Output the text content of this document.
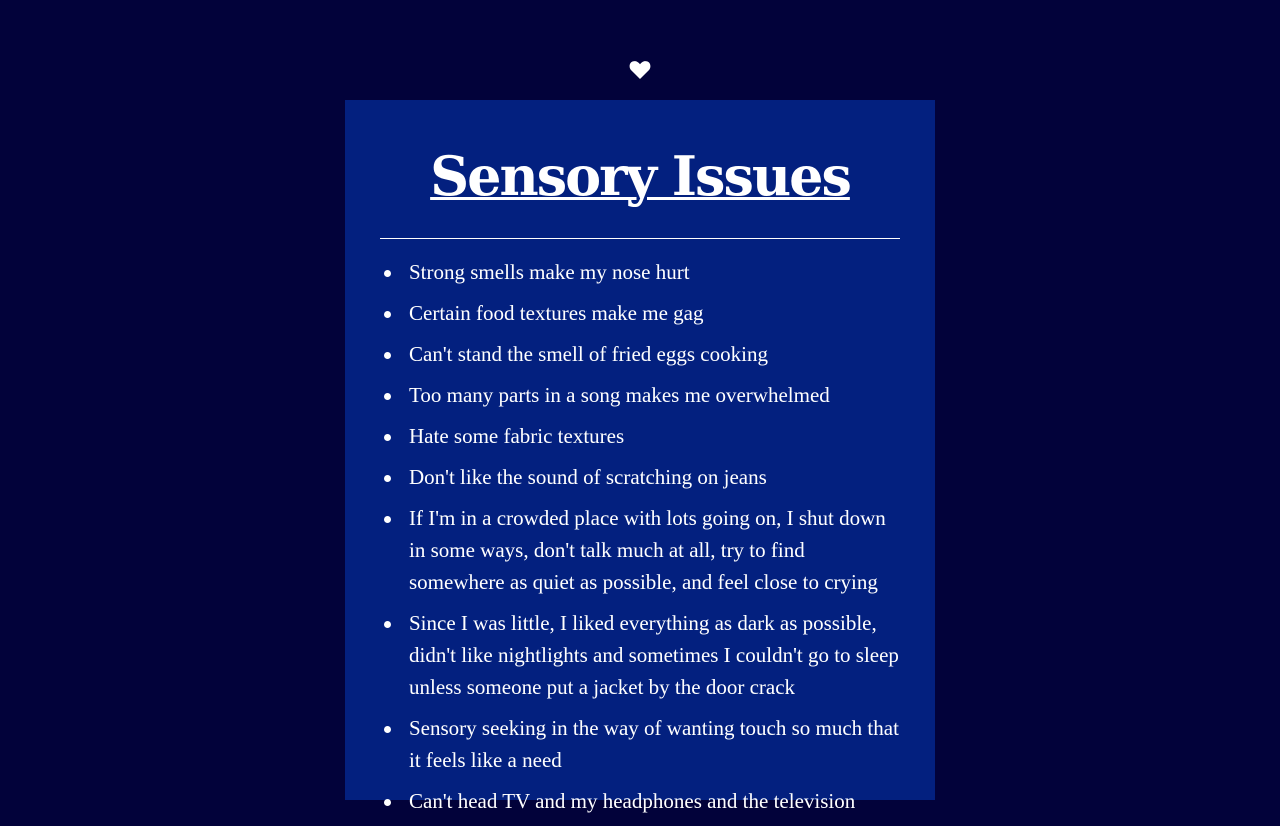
Sensory Issues
Strong smells make my nose hurt
Certain food textures make me gag
Can't stand the smell of fried eggs cooking
Too many parts in a song makes me overwhelmed
Hate some fabric textures
Don't like the sound of scratching on jeans
If I'm in a crowded place with lots going on, I shut down in some ways, don't talk much at all, try to find somewhere as quiet as possible, and feel close to crying
Since I was little, I liked everything as dark as possible, didn't like nightlights and sometimes I couldn't go to sleep unless someone put a jacket by the door crack
Sensory seeking in the way of wanting touch so much that it feels like a need
Can't head TV and my headphones and the television
